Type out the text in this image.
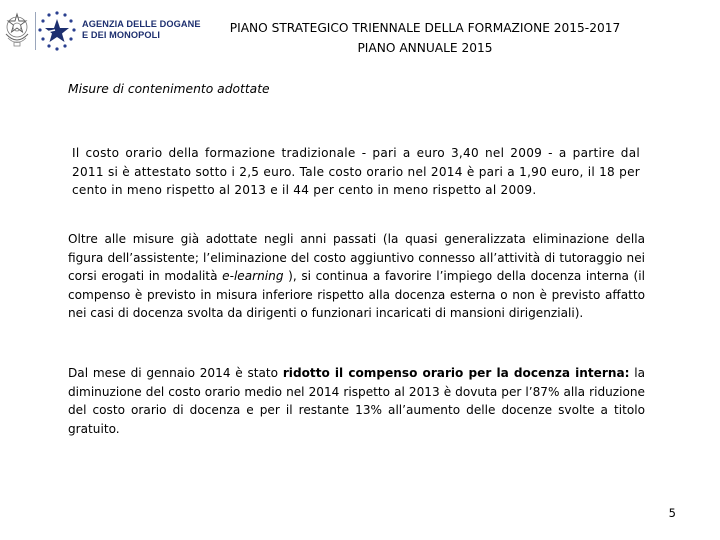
AGENZIA DELLE DOGANE
E DEI MONOPOLI	PIANO STRATEGICO TRIENNALE DELLA FORMAZIONE 2015-2017
PIANO ANNUALE 2015
Misure di contenimento adottate

Il costo orario della formazione tradizionale - pari a euro 3,40 nel 2009 - a partire dal 2011 si è attestato sotto i 2,5 euro. Tale costo orario nel 2014 è pari a 1,90 euro, il 18 per cento in meno rispetto al 2013 e il 44 per cento in meno rispetto al 2009.

Oltre alle misure già adottate negli anni passati (la quasi generalizzata eliminazione della figura dell’assistente; l’eliminazione del costo aggiuntivo connesso all’attività di tutoraggio nei corsi erogati in modalità e-learning ), si continua a favorire l’impiego della docenza interna (il compenso è previsto in misura inferiore rispetto alla docenza esterna o non è previsto affatto nei casi di docenza svolta da dirigenti o funzionari incaricati di mansioni dirigenziali).

Dal mese di gennaio 2014 è stato ridotto il compenso orario per la docenza interna: la diminuzione del costo orario medio nel 2014 rispetto al 2013 è dovuta per l’87% alla riduzione del costo orario di docenza e per il restante 13% all’aumento delle docenze svolte a titolo gratuito.

5
